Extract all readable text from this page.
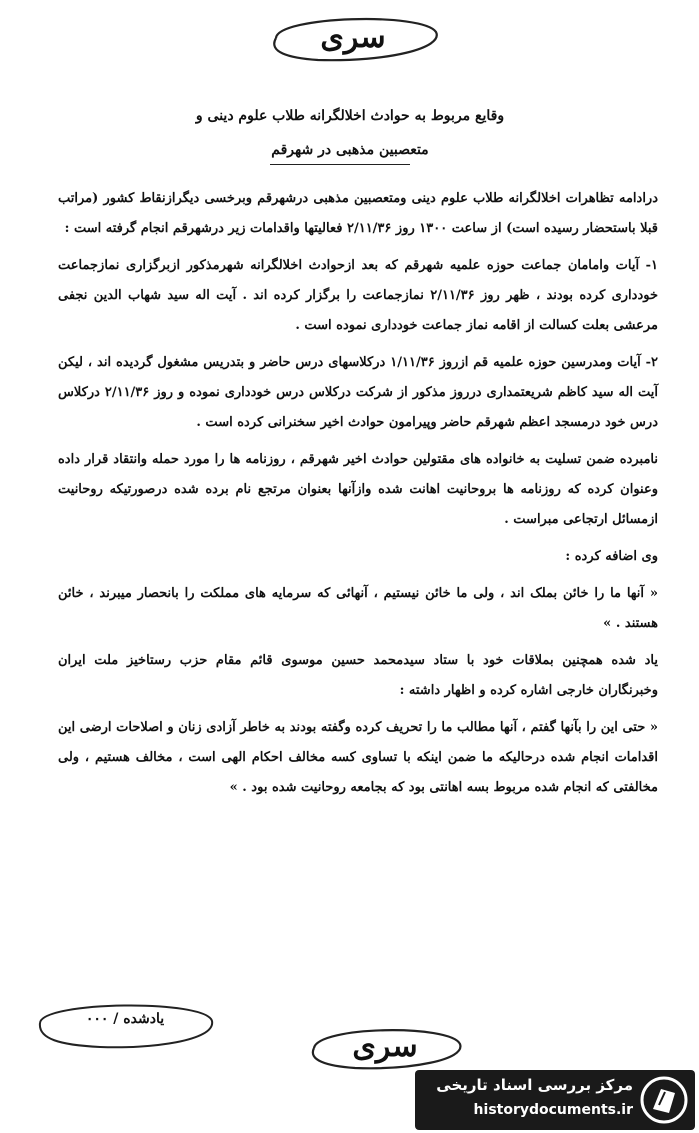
سری
وقایع مربوط به حوادث اخلالگرانه طلاب علوم دینی و
متعصبین مذهبی در شهرقم

درادامه تظاهرات اخلالگرانه طلاب علوم دینی ومتعصبین مذهبی درشهرقم وبرخسی دیگرازنقاط کشور (مراتب قبلا باستحضار رسیده است) از ساعت ۱۳۰۰ روز ۲/۱۱/۳۶ فعالیتها واقدامات زیر درشهرقم انجام گرفته است :

۱- آیات وامامان جماعت حوزه علمیه شهرقم که بعد ازحوادث اخلالگرانه شهرمذکور ازبرگزاری نمازجماعت خودداری کرده بودند ، ظهر روز ۲/۱۱/۳۶ نمازجماعت را برگزار کرده اند . آیت اله سید شهاب الدین نجفی مرعشی بعلت کسالت از اقامه نماز جماعت خودداری نموده است .

۲- آیات ومدرسین حوزه علمیه قم ازروز ۱/۱۱/۳۶ درکلاسهای درس حاضر و بتدریس مشغول گردیده اند ، لیکن آیت اله سید کاظم شریعتمداری درروز مذکور از شرکت درکلاس درس خودداری نموده و روز ۲/۱۱/۳۶ درکلاس درس خود درمسجد اعظم شهرقم حاضر وپیرامون حوادث اخیر سخنرانی کرده است .

نامبرده ضمن تسلیت به خانواده های مقتولین حوادث اخیر شهرقم ، روزنامه ها را مورد حمله وانتقاد قرار داده وعنوان کرده که روزنامه ها بروحانیت اهانت شده وازآنها بعنوان مرتجع نام برده شده درصورتیکه روحانیت ازمسائل ارتجاعی مبراست .

وی اضافه کرده :

« آنها ما را خائن بملک اند ، ولی ما خائن نیستیم ، آنهائی که سرمایه های مملکت را بانحصار میبرند ، خائن هستند . »

یاد شده همچنین بملاقات خود با ستاد سیدمحمد حسین موسوی قائم مقام حزب رستاخیز ملت ایران وخبرنگاران خارجی اشاره کرده و اظهار داشته :

« حتی این را بآنها گفتم ، آنها مطالب ما را تحریف کرده وگفته بودند به خاطر آزادی زنان و اصلاحات ارضی این اقدامات انجام شده درحالیکه ما ضمن اینکه با تساوی کسه مخالف احکام الهی است ، مخالف هستیم ، ولی مخالفتی که انجام شده مربوط بسه اهانتی بود که بجامعه روحانیت شده بود . »

یادشده / ۰۰۰
سری
مرکز بررسی اسناد تاریخی
historydocuments.ir
